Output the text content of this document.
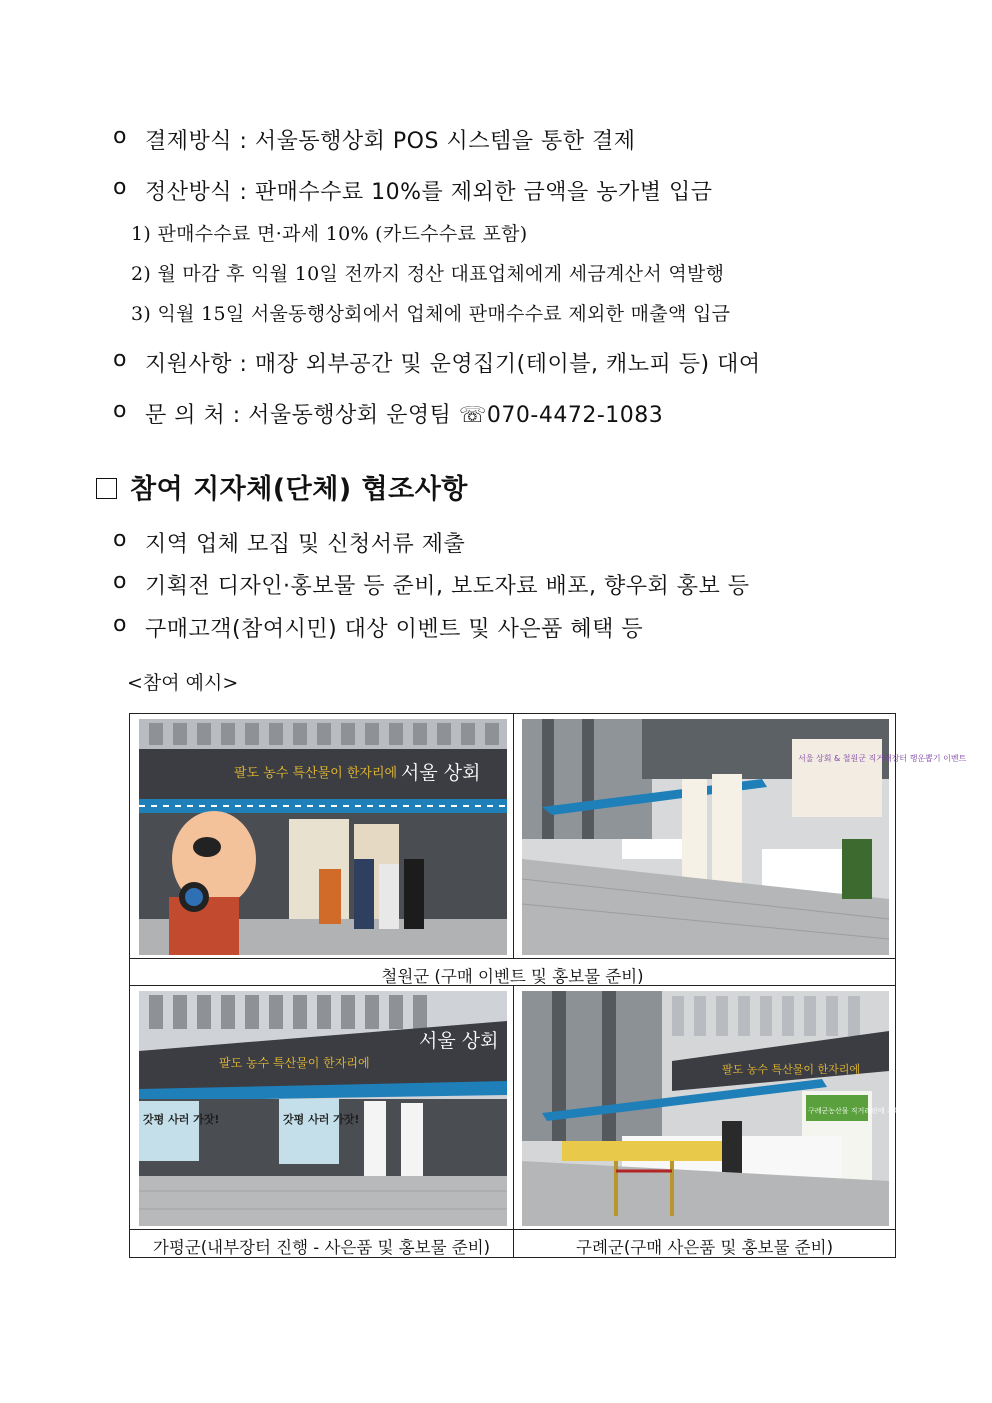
o 결제방식 : 서울동행상회 POS 시스템을 통한 결제
o 정산방식 : 판매수수료 10%를 제외한 금액을 농가별 입금
1) 판매수수료 면·과세 10% (카드수수료 포함)
2) 월 마감 후 익월 10일 전까지 정산 대표업체에게 세금계산서 역발행
3) 익월 15일 서울동행상회에서 업체에 판매수수료 제외한 매출액 입금
o 지원사항 : 매장 외부공간 및 운영집기(테이블, 캐노피 등) 대여
o 문 의 처 : 서울동행상회 운영팀 ☏070-4472-1083
참여 지자체(단체) 협조사항
o 지역 업체 모집 및 신청서류 제출
o 기획전 디자인·홍보물 등 준비, 보도자료 배포, 향우회 홍보 등
o 구매고객(참여시민) 대상 이벤트 및 사은품 혜택 등
<참여 예시>
팔도 농수 특산물이 한자리에 서울 상회
서울 상회 & 철원군 직거래장터 행운뽑기 이벤트
철원군 (구매 이벤트 및 홍보물 준비)
팔도 농수 특산물이 한자리에
서울 상회
갓평 사러 가잣!	갓평 사러 가잣!
팔도 농수 특산물이 한자리에
구례군농산물 직거래판매 기획전
가평군(내부장터 진행 - 사은품 및 홍보물 준비)	구례군(구매 사은품 및 홍보물 준비)
